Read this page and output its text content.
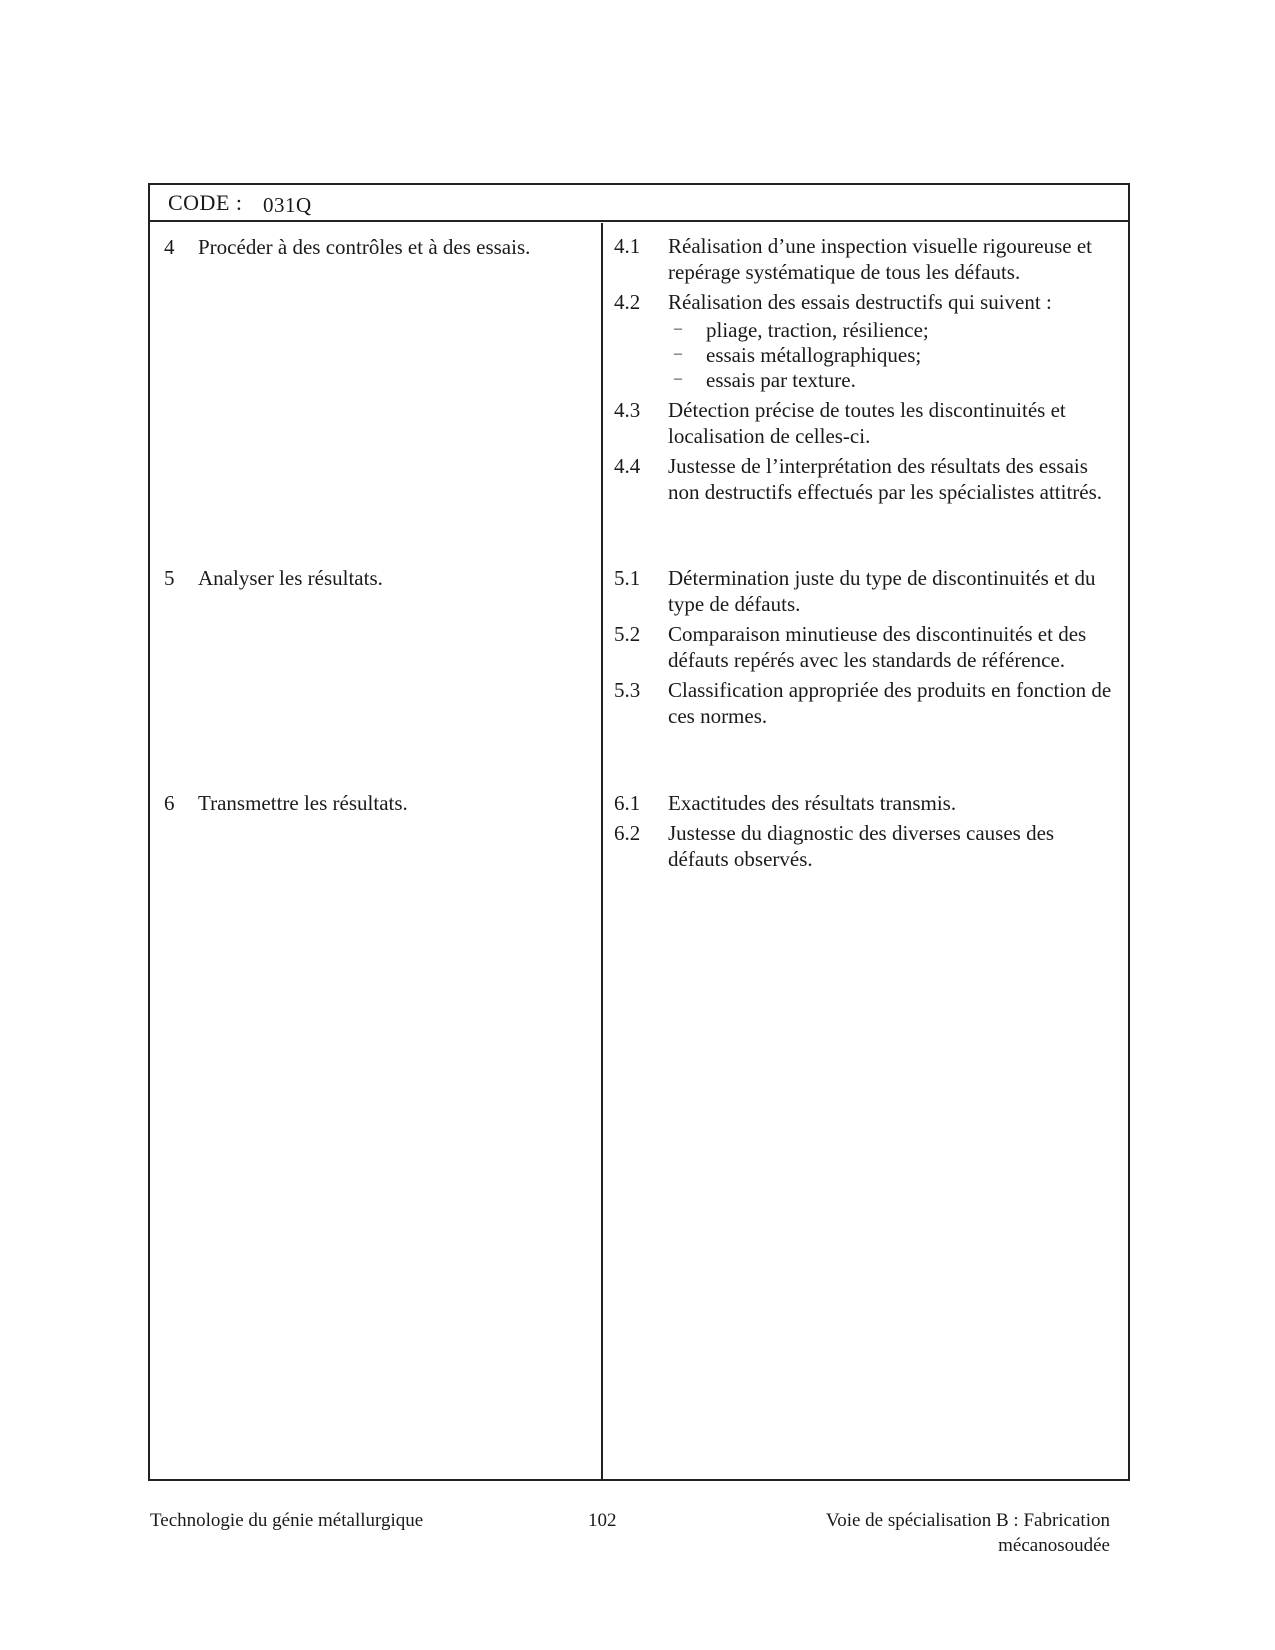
CODE : 031Q
4 Procéder à des contrôles et à des essais.	4.1 Réalisation d’une inspection visuelle rigoureuse et repérage systématique de tous les défauts.
4.2 Réalisation des essais destructifs qui suivent :
– pliage, traction, résilience;
– essais métallographiques;
– essais par texture.
4.3 Détection précise de toutes les discontinuités et localisation de celles-ci.
4.4 Justesse de l’interprétation des résultats des essais non destructifs effectués par les spécialistes attitrés.
5 Analyser les résultats.	5.1 Détermination juste du type de discontinuités et du type de défauts.
5.2 Comparaison minutieuse des discontinuités et des défauts repérés avec les standards de référence.
5.3 Classification appropriée des produits en fonction de ces normes.
6 Transmettre les résultats.	6.1 Exactitudes des résultats transmis.
6.2 Justesse du diagnostic des diverses causes des défauts observés.
Technologie du génie métallurgique	102	Voie de spécialisation B : Fabrication
mécanosoudée
